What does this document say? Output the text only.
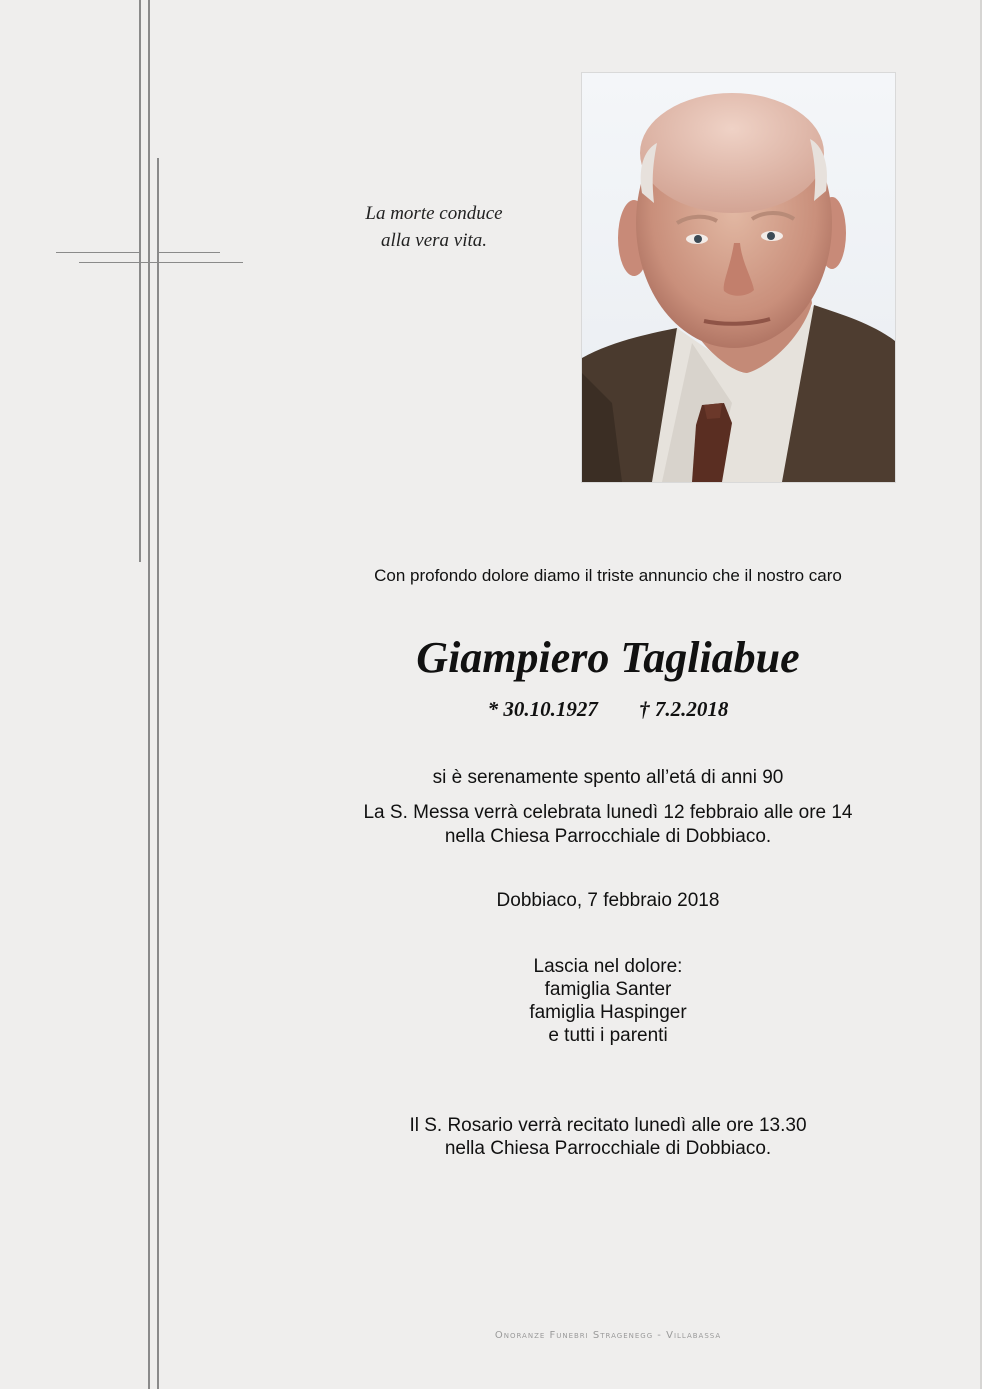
La morte conduce
alla vera vita.
Con profondo dolore diamo il triste annuncio che il nostro caro
Giampiero Tagliabue
* 30.10.1927 † 7.2.2018
si è serenamente spento all’etá di anni 90
La S. Messa verrà celebrata lunedì 12 febbraio alle ore 14
nella Chiesa Parrocchiale di Dobbiaco.
Dobbiaco, 7 febbraio 2018
Lascia nel dolore:
famiglia Santer
famiglia Haspinger
e tutti i parenti
Il S. Rosario verrà recitato lunedì alle ore 13.30
nella Chiesa Parrocchiale di Dobbiaco.
Onoranze Funebri Stragenegg - Villabassa
